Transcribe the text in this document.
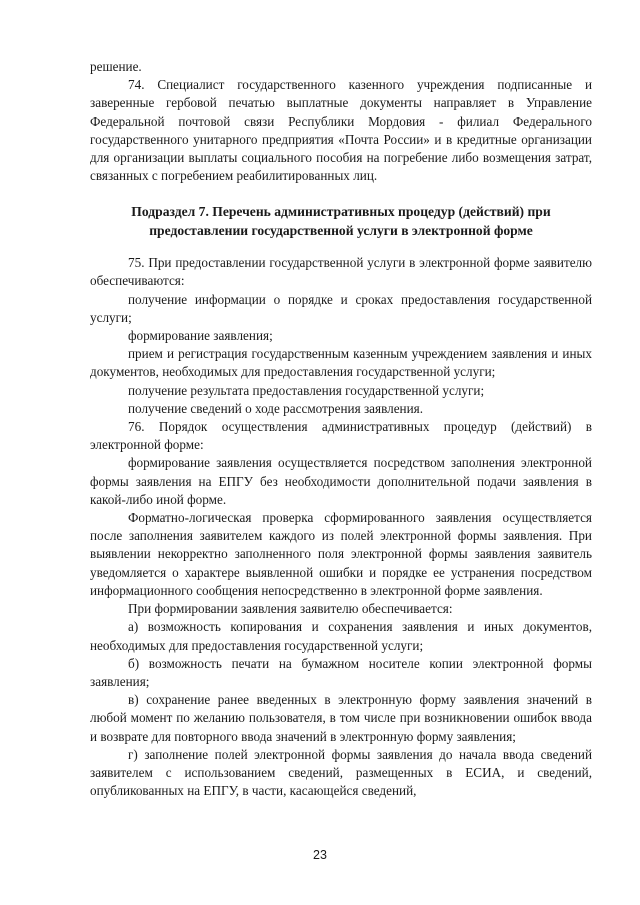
решение.

74. Специалист государственного казенного учреждения подписанные и заверенные гербовой печатью выплатные документы направляет в Управление Федеральной почтовой связи Республики Мордовия - филиал Федерального государственного унитарного предприятия «Почта России» и в кредитные организации для организации выплаты социального пособия на погребение либо возмещения затрат, связанных с погребением реабилитированных лиц.

Подраздел 7. Перечень административных процедур (действий) при предоставлении государственной услуги в электронной форме

75. При предоставлении государственной услуги в электронной форме заявителю обеспечиваются:

получение информации о порядке и сроках предоставления государственной услуги;

формирование заявления;

прием и регистрация государственным казенным учреждением заявления и иных документов, необходимых для предоставления государственной услуги;

получение результата предоставления государственной услуги;

получение сведений о ходе рассмотрения заявления.

76. Порядок осуществления административных процедур (действий) в электронной форме:

формирование заявления осуществляется посредством заполнения электронной формы заявления на ЕПГУ без необходимости дополнительной подачи заявления в какой-либо иной форме.

Форматно-логическая проверка сформированного заявления осуществляется после заполнения заявителем каждого из полей электронной формы заявления. При выявлении некорректно заполненного поля электронной формы заявления заявитель уведомляется о характере выявленной ошибки и порядке ее устранения посредством информационного сообщения непосредственно в электронной форме заявления.

При формировании заявления заявителю обеспечивается:

а) возможность копирования и сохранения заявления и иных документов, необходимых для предоставления государственной услуги;

б) возможность печати на бумажном носителе копии электронной формы заявления;

в) сохранение ранее введенных в электронную форму заявления значений в любой момент по желанию пользователя, в том числе при возникновении ошибок ввода и возврате для повторного ввода значений в электронную форму заявления;

г) заполнение полей электронной формы заявления до начала ввода сведений заявителем с использованием сведений, размещенных в ЕСИА, и сведений, опубликованных на ЕПГУ, в части, касающейся сведений,

23
